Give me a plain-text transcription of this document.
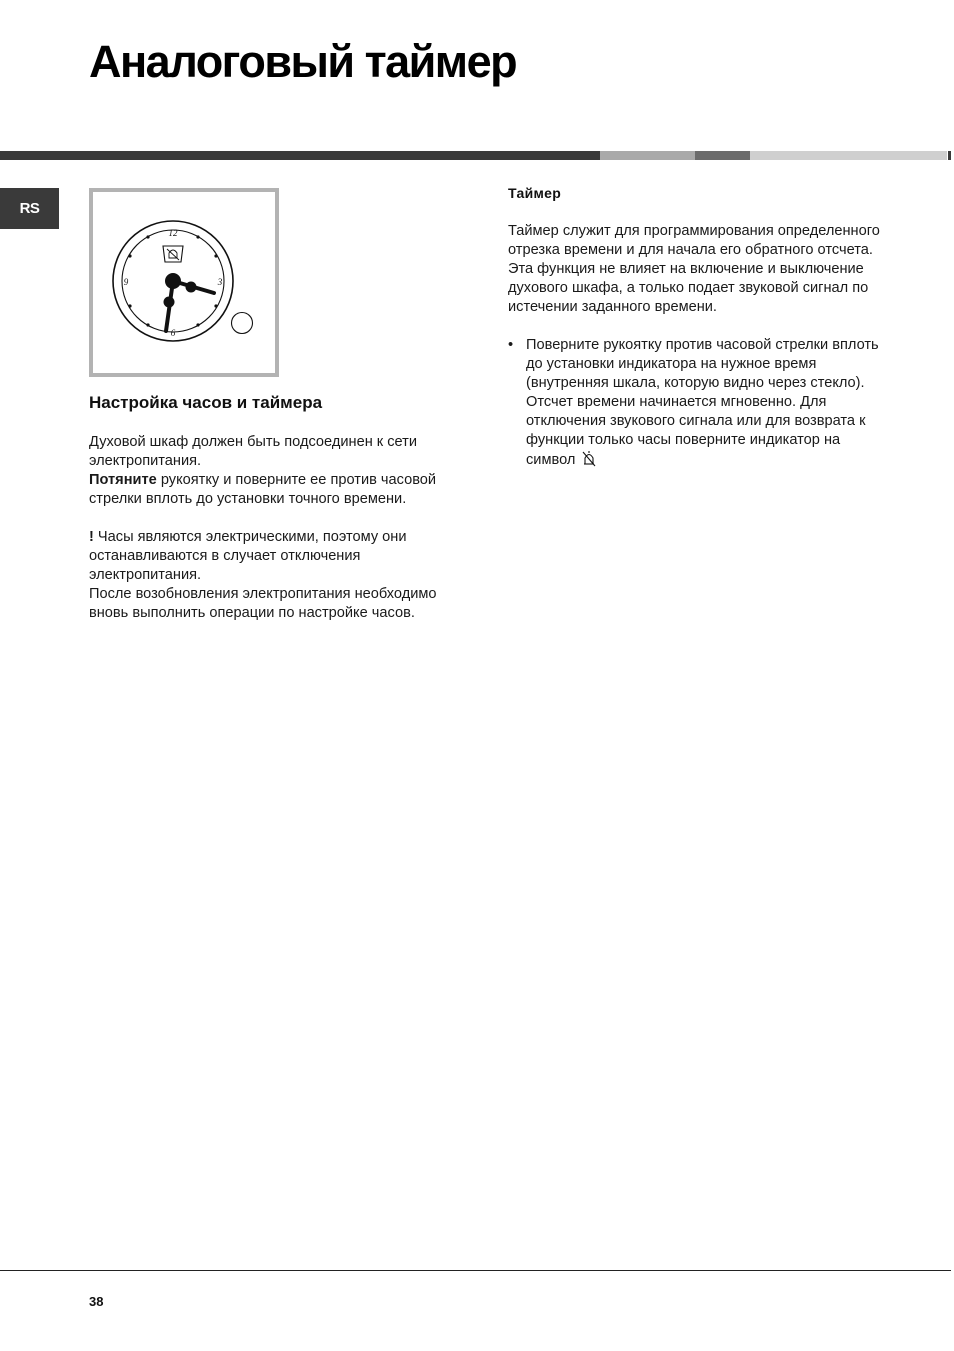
Аналоговый таймер
RS
12
3
6
9
Настройка часов и таймера

Духовой шкаф должен быть подсоединен к сети электропитания.

Потяните рукоятку и поверните ее против часовой стрелки вплоть до установки точного времени.

! Часы являются электрическими, поэтому они останавливаются в случает отключения электропитания.

После возобновления электропитания необходимо вновь выполнить операции по настройке часов.

Таймер

Таймер служит для программирования определенного отрезка времени и для начала его обратного отсчета. Эта функция не влияет на включение и выключение духового шкафа, а только подает звуковой сигнал по истечении заданного времени.

• Поверните рукоятку против часовой стрелки вплоть до установки индикатора на нужное время (внутренняя шкала, которую видно через стекло). Отсчет времени начинается мгновенно. Для отключения звукового сигнала или для возврата к функции только часы поверните индикатор на символ
38
